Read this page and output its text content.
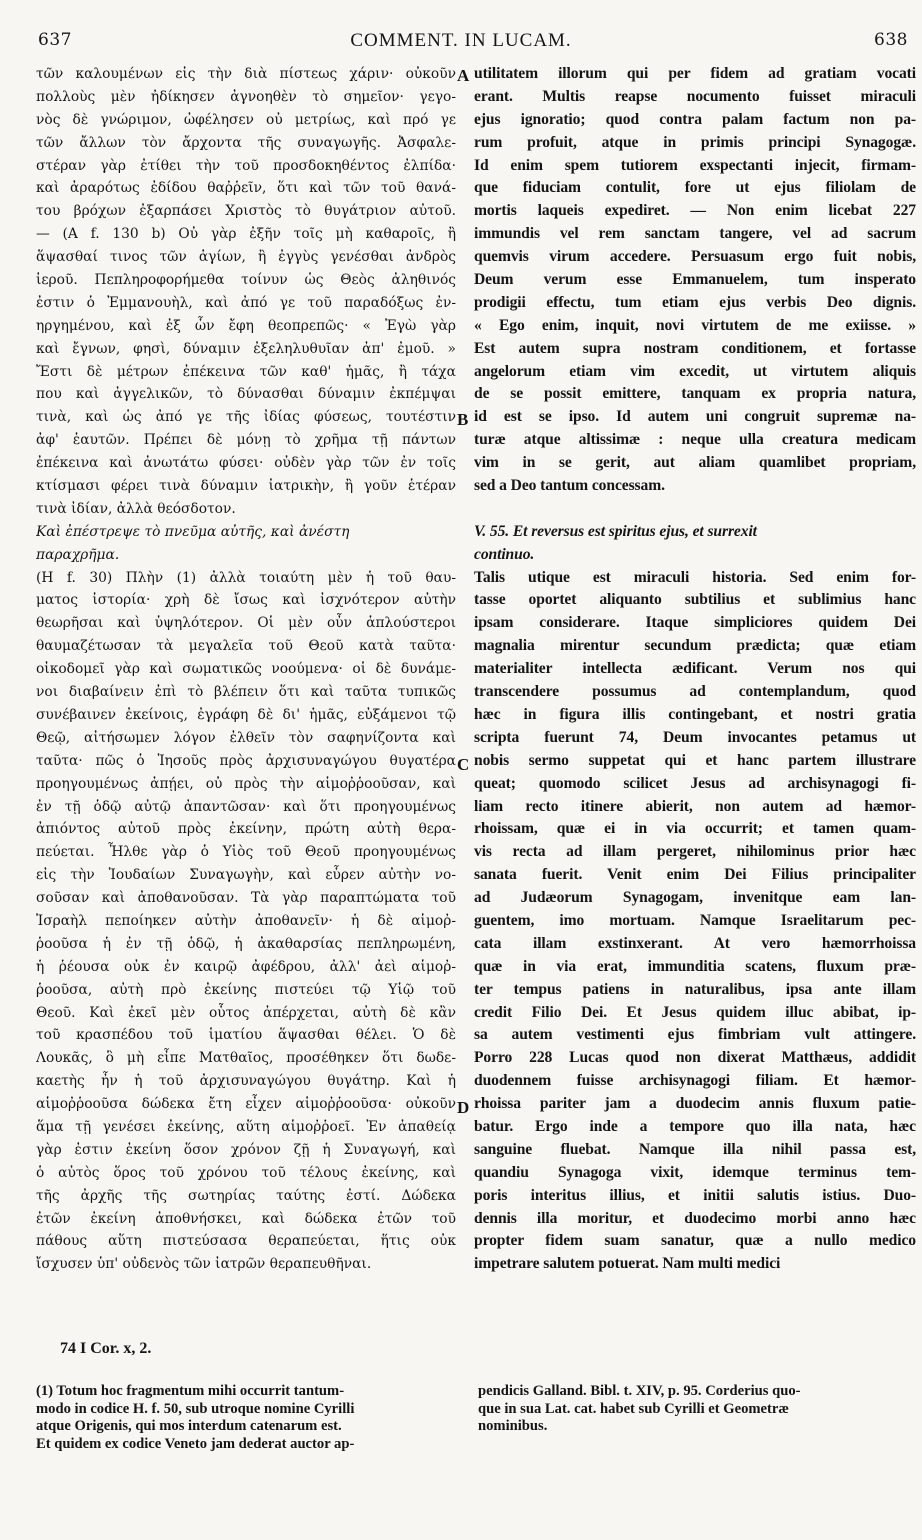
637	COMMENT. IN LUCAM.	638
τῶν καλουμένων εἰς τὴν διὰ πίστεως χάριν· οὐκοῦν
πολλοὺς μὲν ἠδίκησεν ἀγνοηθὲν τὸ σημεῖον· γεγο-
νὸς δὲ γνώριμον, ὠφέλησεν οὐ μετρίως, καὶ πρό γε
τῶν ἄλλων τὸν ἄρχοντα τῆς συναγωγῆς. Ἀσφαλε-
στέραν γὰρ ἐτίθει τὴν τοῦ προσδοκηθέντος ἐλπίδα·
καὶ ἀραρότως ἐδίδου θαῤῥεῖν, ὅτι καὶ τῶν τοῦ θανά-
του βρόχων ἐξαρπάσει Χριστὸς τὸ θυγάτριον αὐτοῦ.
— (A f. 130 b) Οὐ γὰρ ἐξῆν τοῖς μὴ καθαροῖς, ἢ
ἅψασθαί τινος τῶν ἁγίων, ἢ ἐγγὺς γενέσθαι ἀνδρὸς
ἱεροῦ. Πεπληροφορήμεθα τοίνυν ὡς Θεὸς ἀληθινός
ἐστιν ὁ Ἐμμανουὴλ, καὶ ἀπό γε τοῦ παραδόξως ἐν-
ηργημένου, καὶ ἐξ ὧν ἔφη θεοπρεπῶς· « Ἐγὼ γὰρ
καὶ ἔγνων, φησὶ, δύναμιν ἐξεληλυθυῖαν ἀπ' ἐμοῦ. »
Ἔστι δὲ μέτρων ἐπέκεινα τῶν καθ' ἡμᾶς, ἢ τάχα
που καὶ ἀγγελικῶν, τὸ δύνασθαι δύναμιν ἐκπέμψαι
τινὰ, καὶ ὡς ἀπό γε τῆς ἰδίας φύσεως, τουτέστιν
ἀφ' ἑαυτῶν. Πρέπει δὲ μόνῃ τὸ χρῆμα τῇ πάντων
ἐπέκεινα καὶ ἀνωτάτω φύσει· οὐδὲν γὰρ τῶν ἐν τοῖς
κτίσμασι φέρει τινὰ δύναμιν ἰατρικὴν, ἢ γοῦν ἑτέραν
τινὰ ἰδίαν, ἀλλὰ θεόσδοτον.
Καὶ ἐπέστρεψε τὸ πνεῦμα αὐτῆς, καὶ ἀνέστη
παραχρῆμα.
(H f. 30) Πλὴν (1) ἀλλὰ τοιαύτη μὲν ἡ τοῦ θαυ-
ματος ἱστορία· χρὴ δὲ ἴσως καὶ ἰσχνότερον αὐτὴν
θεωρῆσαι καὶ ὑψηλότερον. Οἱ μὲν οὖν ἁπλούστεροι
θαυμαζέτωσαν τὰ μεγαλεῖα τοῦ Θεοῦ κατὰ ταῦτα·
οἰκοδομεῖ γὰρ καὶ σωματικῶς νοούμενα· οἱ δὲ δυνάμε-
νοι διαβαίνειν ἐπὶ τὸ βλέπειν ὅτι καὶ ταῦτα τυπικῶς
συνέβαινεν ἐκείνοις, ἐγράφη δὲ δι' ἡμᾶς, εὐξάμενοι τῷ
Θεῷ, αἰτήσωμεν λόγον ἐλθεῖν τὸν σαφηνίζοντα καὶ
ταῦτα· πῶς ὁ Ἰησοῦς πρὸς ἀρχισυναγώγου θυγατέρα
προηγουμένως ἀπῄει, οὐ πρὸς τὴν αἱμοῤῥοοῦσαν, καὶ
ἐν τῇ ὁδῷ αὐτῷ ἀπαντῶσαν· καὶ ὅτι προηγουμένως
ἀπιόντος αὐτοῦ πρὸς ἐκείνην, πρώτη αὐτὴ θερα-
πεύεται. Ἦλθε γὰρ ὁ Υἱὸς τοῦ Θεοῦ προηγουμένως
εἰς τὴν Ἰουδαίων Συναγωγὴν, καὶ εὗρεν αὐτὴν νο-
σοῦσαν καὶ ἀποθανοῦσαν. Τὰ γὰρ παραπτώματα τοῦ
Ἰσραὴλ πεποίηκεν αὐτὴν ἀποθανεῖν· ἡ δὲ αἱμοῤ-
ῥοοῦσα ἡ ἐν τῇ ὁδῷ, ἡ ἀκαθαρσίας πεπληρωμένη,
ἡ ῥέουσα οὐκ ἐν καιρῷ ἀφέδρου, ἀλλ' ἀεὶ αἱμοῤ-
ῥοοῦσα, αὐτὴ πρὸ ἐκείνης πιστεύει τῷ Υἱῷ τοῦ
Θεοῦ. Καὶ ἐκεῖ μὲν οὗτος ἀπέρχεται, αὐτὴ δὲ κἂν
τοῦ κρασπέδου τοῦ ἱματίου ἅψασθαι θέλει. Ὁ δὲ
Λουκᾶς, ὃ μὴ εἶπε Ματθαῖος, προσέθηκεν ὅτι δωδε-
καετὴς ἦν ἡ τοῦ ἀρχισυναγώγου θυγάτηρ. Καὶ ἡ
αἱμοῤῥοοῦσα δώδεκα ἔτη εἶχεν αἱμοῤῥοοῦσα· οὐκοῦν
ἅμα τῇ γενέσει ἐκείνης, αὕτη αἱμοῤῥοεῖ. Ἐν ἀπαθείᾳ
γὰρ ἐστιν ἐκείνη ὅσον χρόνον ζῇ ἡ Συναγωγή, καὶ
ὁ αὐτὸς ὅρος τοῦ χρόνου τοῦ τέλους ἐκείνης, καὶ
τῆς ἀρχῆς τῆς σωτηρίας ταύτης ἐστί. Δώδεκα
ἐτῶν ἐκείνη ἀποθνήσκει, καὶ δώδεκα ἐτῶν τοῦ
πάθους αὕτη πιστεύσασα θεραπεύεται, ἥτις οὐκ
ἴσχυσεν ὑπ' οὐδενὸς τῶν ἰατρῶν θεραπευθῆναι.
utilitatem illorum qui per fidem ad gratiam vocati
erant. Multis reapse nocumento fuisset miraculi
ejus ignoratio; quod contra palam factum non pa-
rum profuit, atque in primis principi Synagogæ.
Id enim spem tutiorem exspectanti injecit, firmam-
que fiduciam contulit, fore ut ejus filiolam de
mortis laqueis expediret. — Non enim licebat 227
immundis vel rem sanctam tangere, vel ad sacrum
quemvis virum accedere. Persuasum ergo fuit nobis,
Deum verum esse Emmanuelem, tum insperato
prodigii effectu, tum etiam ejus verbis Deo dignis.
« Ego enim, inquit, novi virtutem de me exiisse. »
Est autem supra nostram conditionem, et fortasse
angelorum etiam vim excedit, ut virtutem aliquis
de se possit emittere, tanquam ex propria natura,
id est se ipso. Id autem uni congruit supremæ na-
turæ atque altissimæ : neque ulla creatura medicam
vim in se gerit, aut aliam quamlibet propriam,
sed a Deo tantum concessam.
V. 55. Et reversus est spiritus ejus, et surrexit
continuo.
Talis utique est miraculi historia. Sed enim for-
tasse oportet aliquanto subtilius et sublimius hanc
ipsam considerare. Itaque simpliciores quidem Dei
magnalia mirentur secundum prædicta; quæ etiam
materialiter intellecta ædificant. Verum nos qui
transcendere possumus ad contemplandum, quod
hæc in figura illis contingebant, et nostri gratia
scripta fuerunt 74, Deum invocantes petamus ut
nobis sermo suppetat qui et hanc partem illustrare
queat; quomodo scilicet Jesus ad archisynagogi fi-
liam recto itinere abierit, non autem ad hæmor-
rhoissam, quæ ei in via occurrit; et tamen quam-
vis recta ad illam pergeret, nihilominus prior hæc
sanata fuerit. Venit enim Dei Filius principaliter
ad Judæorum Synagogam, invenitque eam lan-
guentem, imo mortuam. Namque Israelitarum pec-
cata illam exstinxerant. At vero hæmorrhoissa
quæ in via erat, immunditia scatens, fluxum præ-
ter tempus patiens in naturalibus, ipsa ante illam
credit Filio Dei. Et Jesus quidem illuc abibat, ip-
sa autem vestimenti ejus fimbriam vult attingere.
Porro 228 Lucas quod non dixerat Matthæus, addidit
duodennem fuisse archisynagogi filiam. Et hæmor-
rhoissa pariter jam a duodecim annis fluxum patie-
batur. Ergo inde a tempore quo illa nata, hæc
sanguine fluebat. Namque illa nihil passa est,
quandiu Synagoga vixit, idemque terminus tem-
poris interitus illius, et initii salutis istius. Duo-
dennis illa moritur, et duodecimo morbi anno hæc
propter fidem suam sanatur, quæ a nullo medico
impetrare salutem potuerat. Nam multi medici
A
B
C
D
74 I Cor. x, 2.
(1) Totum hoc fragmentum mihi occurrit tantum-
modo in codice H. f. 50, sub utroque nomine Cyrilli
atque Origenis, qui mos interdum catenarum est.
Et quidem ex codice Veneto jam dederat auctor ap-
pendicis Galland. Bibl. t. XIV, p. 95. Corderius quo-
que in sua Lat. cat. habet sub Cyrilli et Geometræ
nominibus.
